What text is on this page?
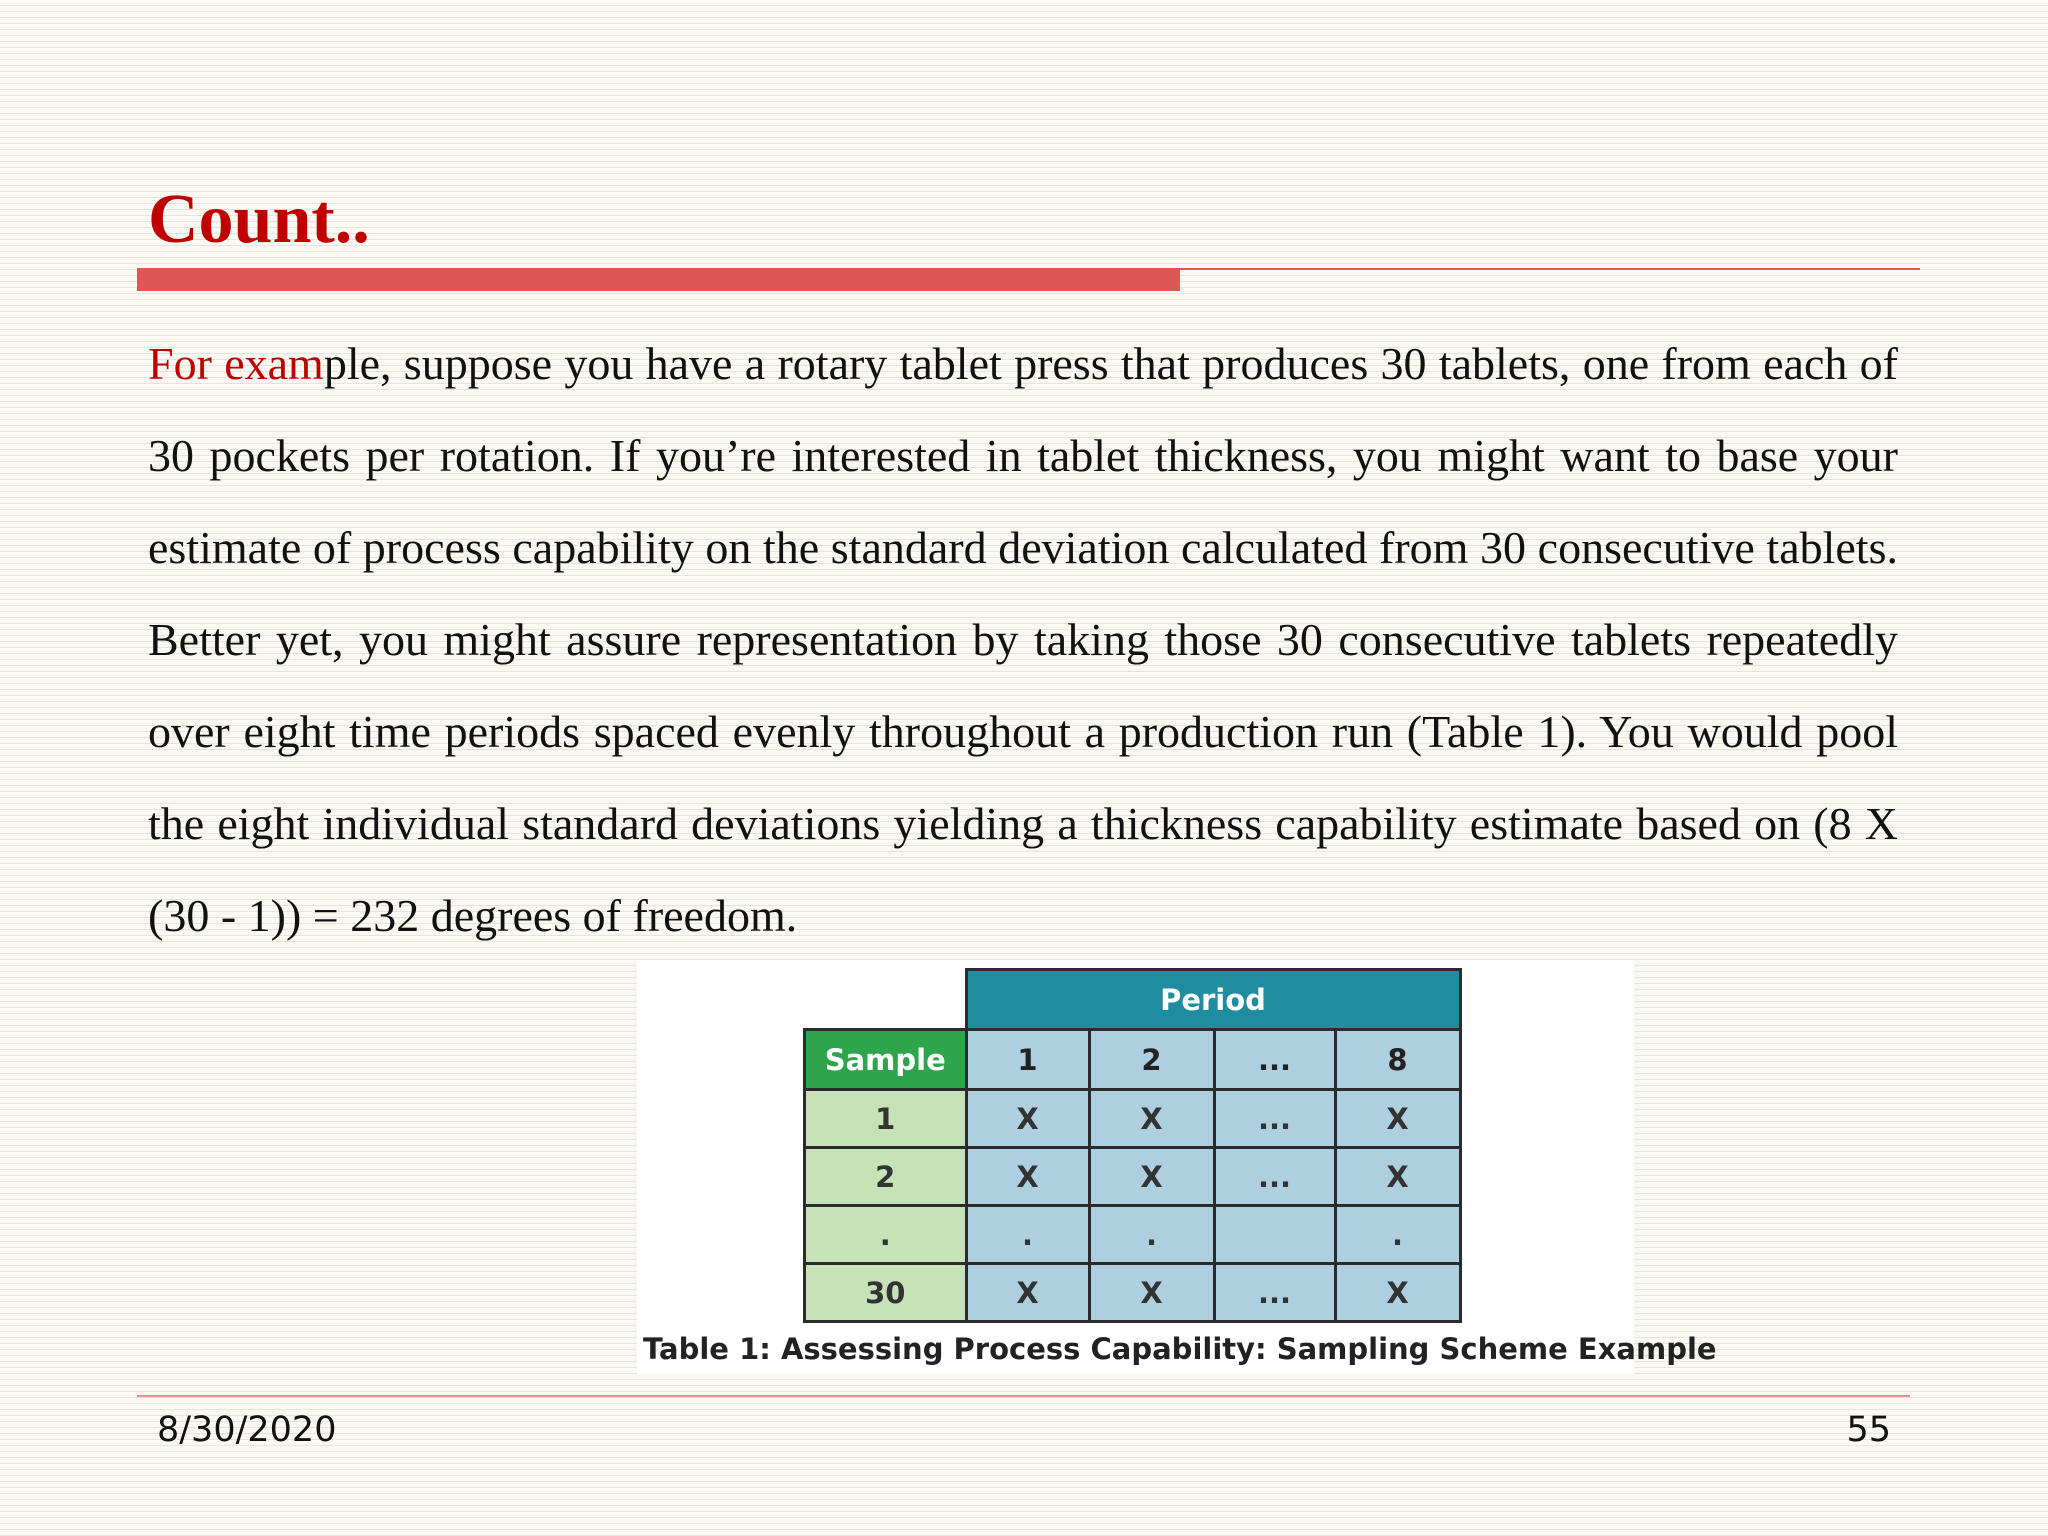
Count..

For example, suppose you have a rotary tablet press that produces 30 tablets, one from each of 30 pockets per rotation. If you’re interested in tablet thickness, you might want to base your estimate of process capability on the standard deviation calculated from 30 consecutive tablets. Better yet, you might assure representation by taking those 30 consecutive tablets repeatedly over eight time periods spaced evenly throughout a production run (Table 1). You would pool the eight individual standard deviations yielding a thickness capability estimate based on (8 X (30 - 1)) = 232 degrees of freedom.

	Period			
Sample	1	2	...	8
1	X	X	...	X
2	X	X	...	X
.	.	.		.
30	X	X	...	X

Table 1: Assessing Process Capability: Sampling Scheme Example

8/30/2020	55
